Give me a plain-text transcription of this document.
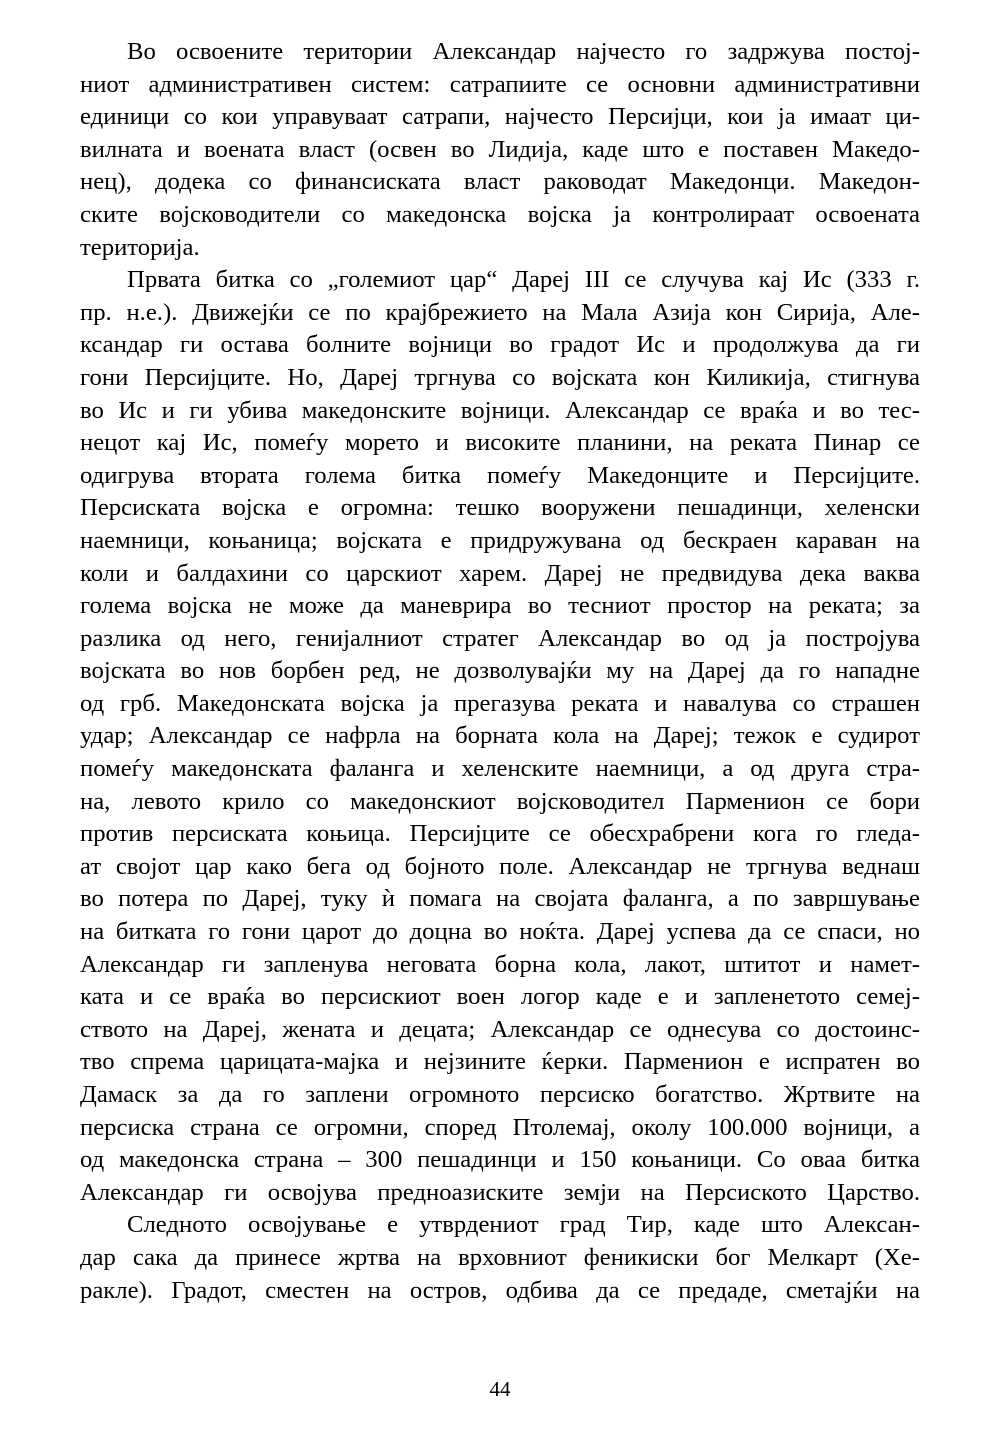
Во освоените територии Александар најчесто го задржува постој-
ниот административен систем: сатрапиите се основни административни
единици со кои управуваат сатрапи, најчесто Персијци, кои ја имаат ци-
вилната и воената власт (освен во Лидија, каде што е поставен Македо-
нец), додека со финансиската власт раководат Македонци. Македон-
ските војсководители со македонска војска ја контролираат освоената
територија.
Првата битка со „големиот цар“ Дареј III се случува кај Ис (333 г.
пр. н.е.). Движејќи се по крајбрежието на Мала Азија кон Сирија, Але-
ксандар ги остава болните војници во градот Ис и продолжува да ги
гони Персијците. Но, Дареј тргнува со војската кон Киликија, стигнува
во Ис и ги убива македонските војници. Александар се враќа и во тес-
нецот кај Ис, помеѓу морето и високите планини, на реката Пинар се
одигрува втората голема битка помеѓу Македонците и Персијците.
Персиската војска е огромна: тешко вооружени пешадинци, хеленски
наемници, коњаница; војската е придружувана од бескраен караван на
коли и балдахини со царскиот харем. Дареј не предвидува дека ваква
голема војска не може да маневрира во тесниот простор на реката; за
разлика од него, генијалниот стратег Александар во од ја постројува
војската во нов борбен ред, не дозволувајќи му на Дареј да го нападне
од грб. Македонската војска ја прегазува реката и навалува со страшен
удар; Александар се нафрла на борната кола на Дареј; тежок е судирот
помеѓу македонската фаланга и хеленските наемници, а од друга стра-
на, левото крило со македонскиот војсководител Парменион се бори
против персиската коњица. Персијците се обесхрабрени кога го гледа-
ат својот цар како бега од бојното поле. Александар не тргнува веднаш
во потера по Дареј, туку ѝ помага на својата фаланга, а по завршување
на битката го гони царот до доцна во ноќта. Дареј успева да се спаси, но
Александар ги запленува неговата борна кола, лакот, штитот и намет-
ката и се враќа во персискиот воен логор каде е и запленетото семеј-
ството на Дареј, жената и децата; Александар се однесува со достоинс-
тво спрема царицата-мајка и нејзините ќерки. Парменион е испратен во
Дамаск за да го заплени огромното персиско богатство. Жртвите на
персиска страна се огромни, според Птолемај, околу 100.000 војници, а
од македонска страна – 300 пешадинци и 150 коњаници. Со оваа битка
Александар ги освојува предноазиските земји на Персиското Царство.
Следното освојување е утврдениот град Тир, каде што Алексан-
дар сака да принесе жртва на врховниот феникиски бог Мелкарт (Хе-
ракле). Градот, сместен на остров, одбива да се предаде, сметајќи на
44
